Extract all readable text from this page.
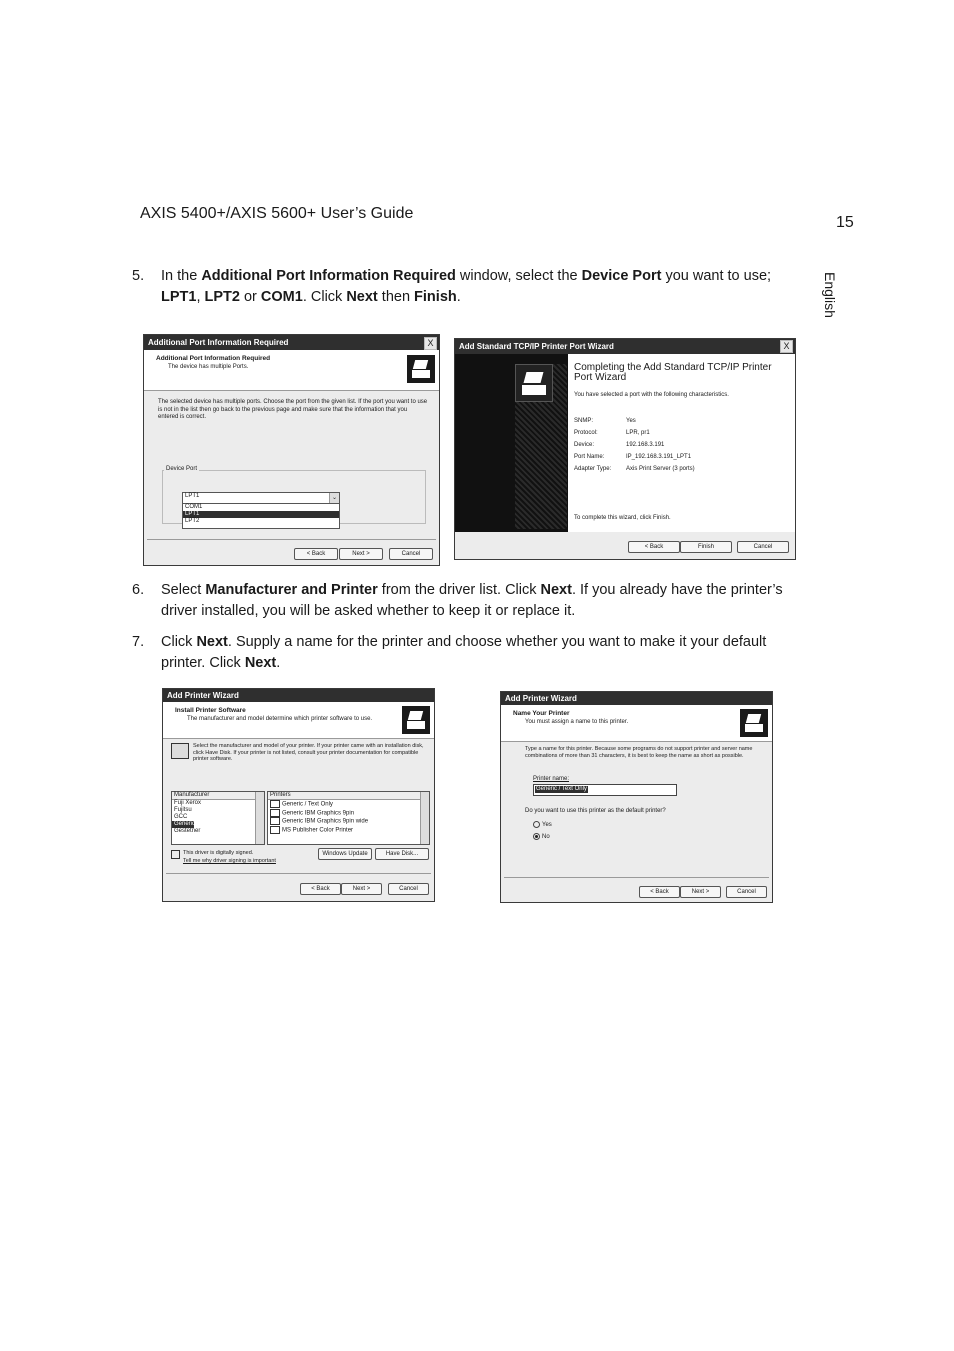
AXIS 5400+/AXIS 5600+ User’s Guide
15
English
5. In the Additional Port Information Required window, select the Device Port you want to use; LPT1, LPT2 or COM1. Click Next then Finish.
Additional Port Information Required	X
Additional Port Information Required
The device has multiple Ports.
The selected device has multiple ports. Choose the port from the given list. If the port you want to use is not in the list then go back to the previous page and make sure that the information that you entered is correct.
Device Port
LPT1	⌄
COM1
LPT1
LPT2
< Back	Next >	Cancel
Add Standard TCP/IP Printer Port Wizard	X
Completing the Add Standard TCP/IP Printer Port Wizard
You have selected a port with the following characteristics.
SNMP:	Yes
Protocol:	LPR, pr1
Device:	192.168.3.191
Port Name:	IP_192.168.3.191_LPT1
Adapter Type:	Axis Print Server (3 ports)
To complete this wizard, click Finish.
< Back	Finish	Cancel
6. Select Manufacturer and Printer from the driver list. Click Next. If you already have the printer’s driver installed, you will be asked whether to keep it or replace it.
7. Click Next. Supply a name for the printer and choose whether you want to make it your default printer. Click Next.
Add Printer Wizard
Install Printer Software
The manufacturer and model determine which printer software to use.
Select the manufacturer and model of your printer. If your printer came with an installation disk, click Have Disk. If your printer is not listed, consult your printer documentation for compatible printer software.
Manufacturer
Fuji Xerox
Fujitsu
GCC
Generic
Gestetner
Printers
Generic / Text Only
Generic IBM Graphics 9pin
Generic IBM Graphics 9pin wide
MS Publisher Color Printer
This driver is digitally signed.
Tell me why driver signing is important
Windows Update	Have Disk...
< Back	Next >	Cancel
Add Printer Wizard
Name Your Printer
You must assign a name to this printer.
Type a name for this printer. Because some programs do not support printer and server name combinations of more than 31 characters, it is best to keep the name as short as possible.
Printer name:
Generic / Text Only
Do you want to use this printer as the default printer?
Yes
No
< Back	Next >	Cancel
